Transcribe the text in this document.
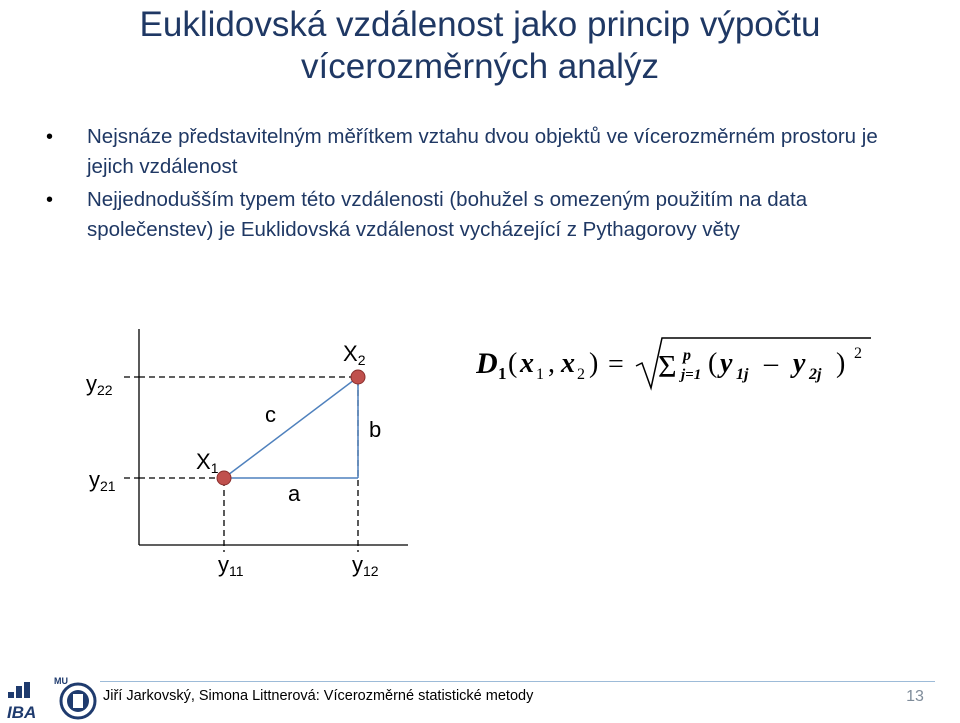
Euklidovská vzdálenost jako princip výpočtu
vícerozměrných analýz
• Nejsnáze představitelným měřítkem vztahu dvou objektů ve vícerozměrném prostoru je jejich vzdálenost
• Nejjednodušším typem této vzdálenosti (bohužel s omezeným použitím na data společenstev) je Euklidovská vzdálenost vycházející z Pythagorovy věty
$y_{22}$
$y_{21}$
$y_{11}$	$y_{12}$
$X_1$
$X_2$
c
a
b
D 1 ( x 1 , x 2 ) = Σ p
j=1 ( y 1j – y 2j ) 2
IBA
MU
Jiří Jarkovský, Simona Littnerová: Vícerozměrné statistické metody	13
